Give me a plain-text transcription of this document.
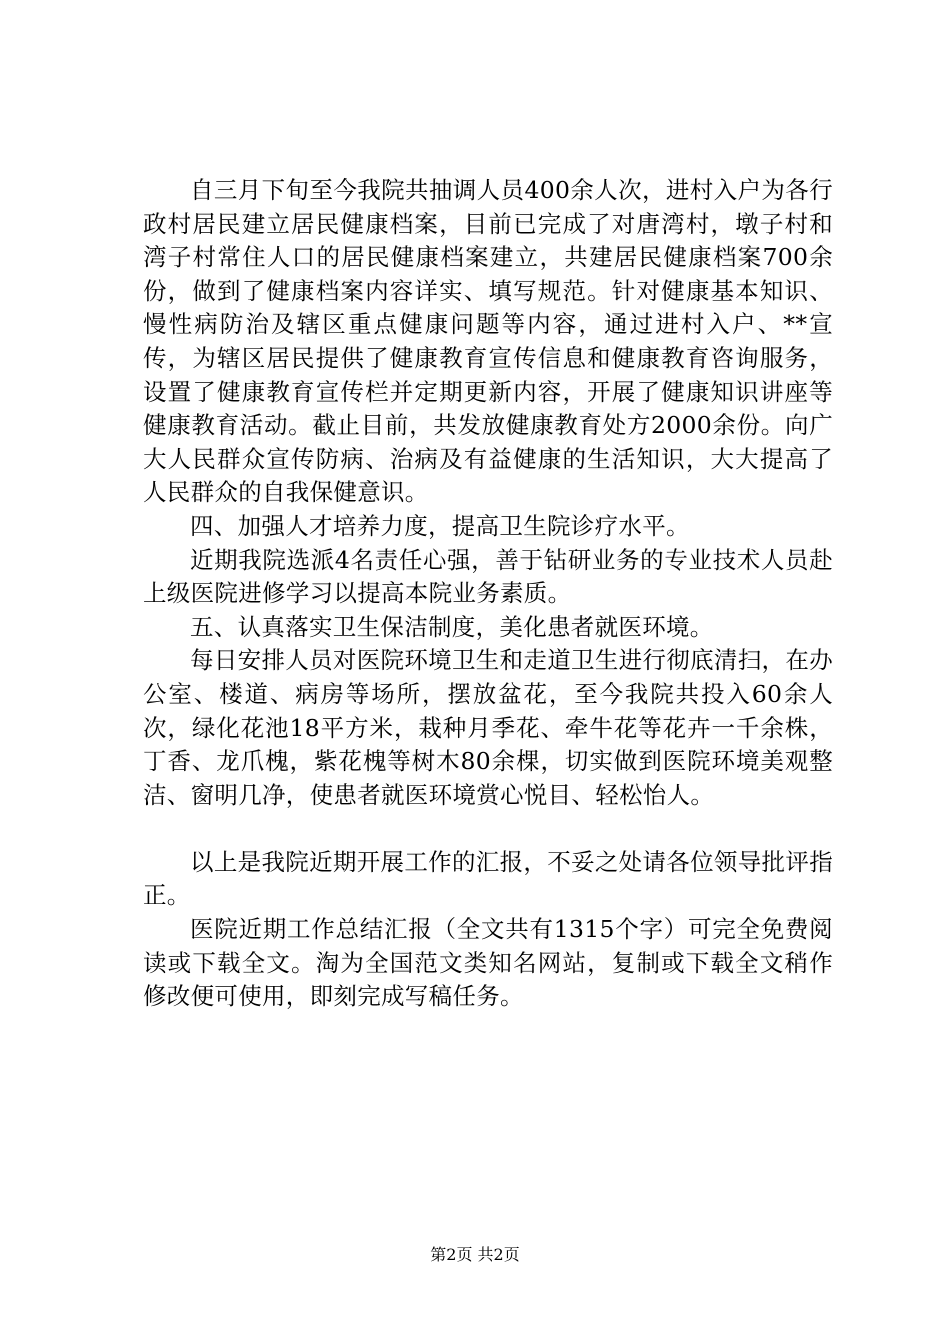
自三月下旬至今我院共抽调人员400余人次，进村入户为各行政村居民建立居民健康档案，目前已完成了对唐湾村，墩子村和湾子村常住人口的居民健康档案建立，共建居民健康档案700余份，做到了健康档案内容详实、填写规范。针对健康基本知识、慢性病防治及辖区重点健康问题等内容，通过进村入户、**宣传，为辖区居民提供了健康教育宣传信息和健康教育咨询服务，设置了健康教育宣传栏并定期更新内容，开展了健康知识讲座等健康教育活动。截止目前，共发放健康教育处方2000余份。向广大人民群众宣传防病、治病及有益健康的生活知识，大大提高了人民群众的自我保健意识。

四、加强人才培养力度，提高卫生院诊疗水平。

近期我院选派4名责任心强，善于钻研业务的专业技术人员赴上级医院进修学习以提高本院业务素质。

五、认真落实卫生保洁制度，美化患者就医环境。

每日安排人员对医院环境卫生和走道卫生进行彻底清扫，在办公室、楼道、病房等场所，摆放盆花，至今我院共投入60余人次，绿化花池18平方米，栽种月季花、牵牛花等花卉一千余株，丁香、龙爪槐，紫花槐等树木80余棵，切实做到医院环境美观整洁、窗明几净，使患者就医环境赏心悦目、轻松怡人。

以上是我院近期开展工作的汇报，不妥之处请各位领导批评指正。

医院近期工作总结汇报（全文共有1315个字）可完全免费阅读或下载全文。淘为全国范文类知名网站，复制或下载全文稍作修改便可使用，即刻完成写稿任务。

第2页 共2页
